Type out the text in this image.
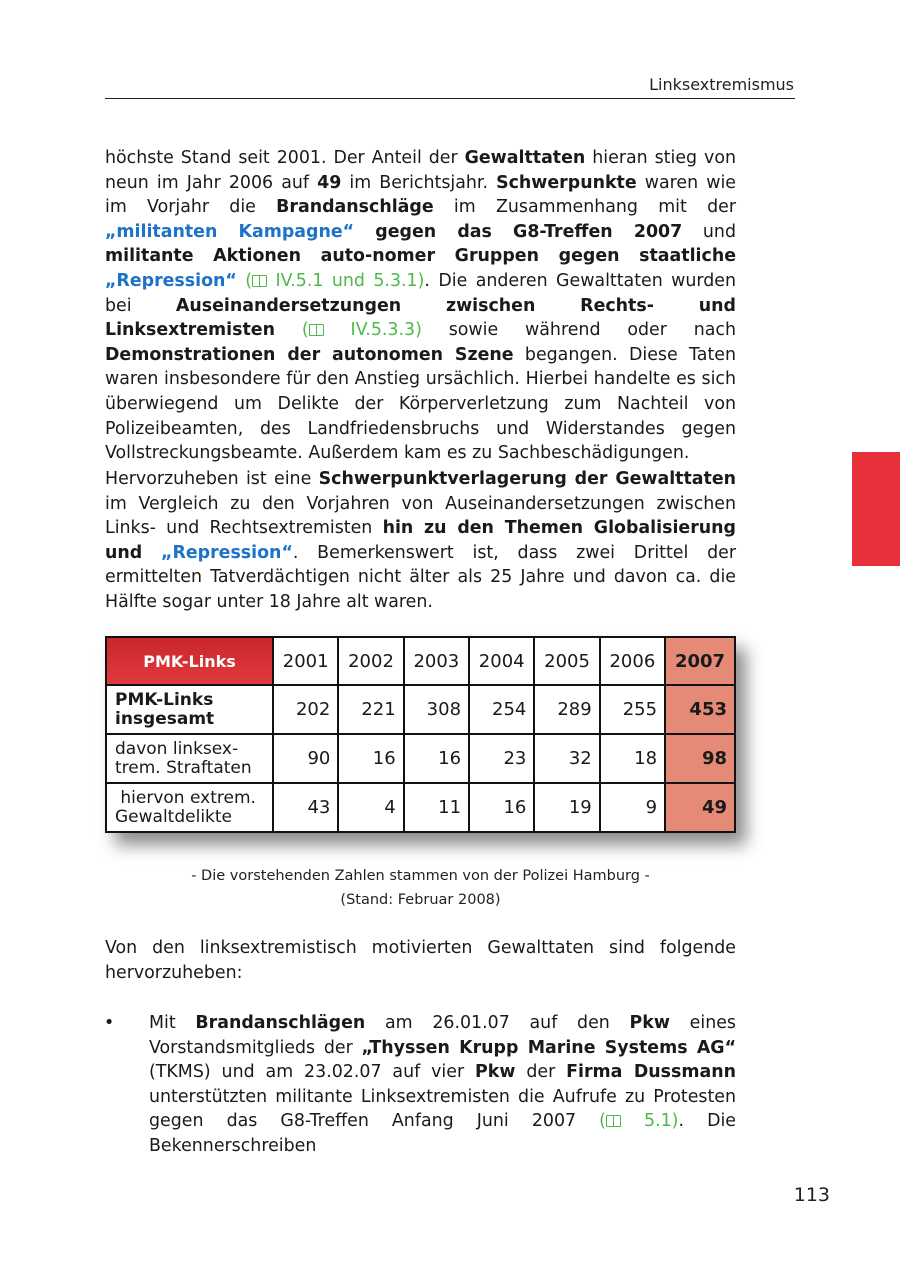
Linksextremismus

höchste Stand seit 2001. Der Anteil der Gewalttaten hieran stieg von neun im Jahr 2006 auf 49 im Berichtsjahr. Schwerpunkte waren wie im Vorjahr die Brandanschläge im Zusammenhang mit der „militanten Kampagne“ gegen das G8-Treffen 2007 und militante Aktionen auto-nomer Gruppen gegen staatliche „Repression“ ( IV.5.1 und 5.3.1). Die anderen Gewalttaten wurden bei Auseinandersetzungen zwischen Rechts- und Linksextremisten ( IV.5.3.3) sowie während oder nach Demonstrationen der autonomen Szene begangen. Diese Taten waren insbesondere für den Anstieg ursächlich. Hierbei handelte es sich überwiegend um Delikte der Körperverletzung zum Nachteil von Polizeibeamten, des Landfriedensbruchs und Widerstandes gegen Vollstreckungsbeamte. Außerdem kam es zu Sachbeschädigungen.

Hervorzuheben ist eine Schwerpunktverlagerung der Gewalttaten im Vergleich zu den Vorjahren von Auseinandersetzungen zwischen Links- und Rechtsextremisten hin zu den Themen Globalisierung und „Repression“. Bemerkenswert ist, dass zwei Drittel der ermittelten Tatverdächtigen nicht älter als 25 Jahre und davon ca. die Hälfte sogar unter 18 Jahre alt waren.

PMK-Links	2001	2002	2003	2004	2005	2006	2007
PMK-Links
insgesamt	202	221	308	254	289	255	453
davon linksex-
trem. Straftaten	90	16	16	23	32	18	98
hiervon extrem.
Gewaltdelikte	43	4	11	16	19	9	49
- Die vorstehenden Zahlen stammen von der Polizei Hamburg -
(Stand: Februar 2008)

Von den linksextremistisch motivierten Gewalttaten sind folgende hervorzuheben:

• Mit Brandanschlägen am 26.01.07 auf den Pkw eines Vorstandsmitglieds der „Thyssen Krupp Marine Systems AG“ (TKMS) und am 23.02.07 auf vier Pkw der Firma Dussmann unterstützten militante Linksextremisten die Aufrufe zu Protesten gegen das G8-Treffen Anfang Juni 2007 ( 5.1). Die Bekennerschreiben

113
